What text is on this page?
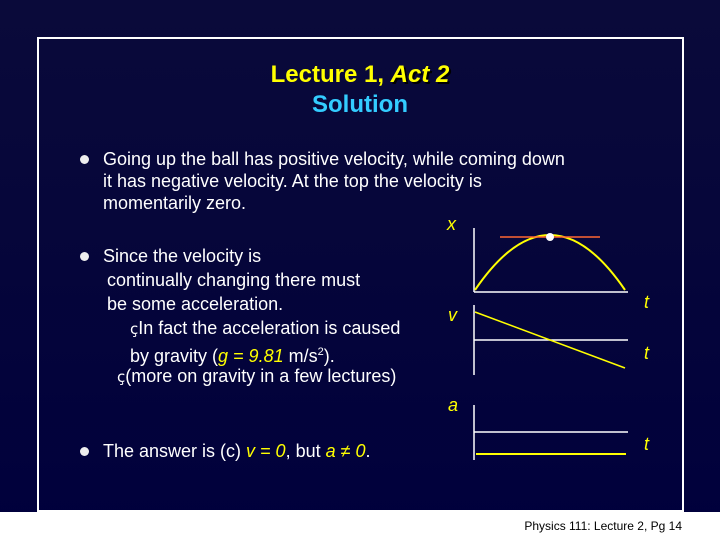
Lecture 1, Act 2
Solution
Going up the ball has positive velocity, while coming down
it has negative velocity. At the top the velocity is
momentarily zero.
Since the velocity is
continually changing there must
be some acceleration.
çIn fact the acceleration is caused
by gravity (g = 9.81 $m/s^2$).
ç(more on gravity in a few lectures)
The answer is (c) v = 0, but a ≠ 0.
x
v
a
t
t
t
Physics 111: Lecture 2, Pg 14
